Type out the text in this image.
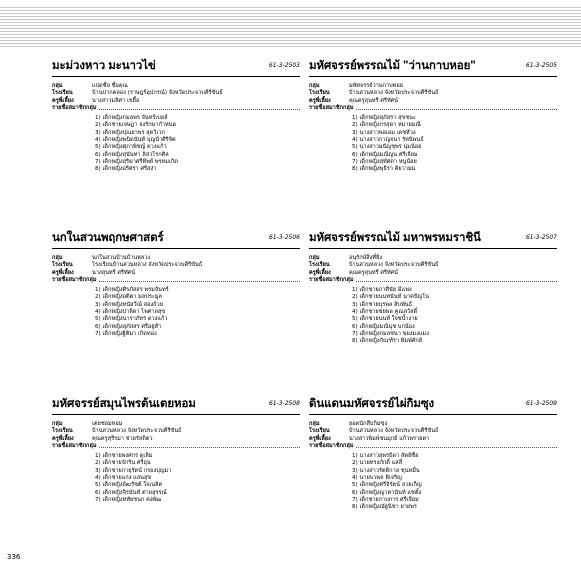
มะม่วงหาว มะนาวไข่	61-3-2503
กลุ่ม	แปดชื่อ ซื่อคุณ
โรงเรียน	บ้านปากคลอง (ราษฎร์อุปกรณ์) จังหวัดประจวบคีรีขันธ์
ครูพี่เลี้ยง	นางสาวมลิศา เชยื้อ
รายชื่อสมาชิกกลุ่ม
1) เด็กหญิงกมลพร จันทร์เบยล์
2) เด็กชายเจษฎา จงรักษากำหนด
3) เด็กหญิงปุณยาพร สุดวิเวก
4) เด็กหญิงพนิดนันท์ บุญนำศิริจิต
5) เด็กหญิงศุภาพิชญ์ ดวงแก้ว
6) เด็กหญิงสุนันทา ลิสวโรกศิล
7) เด็กหญิงสุริมาศรีทิพย์ พรหมเกิด
8) เด็กหญิงอริศรา ศรีสง่า
มหัศจรรย์พรรณไม้ "ว่านกาบหอย"	61-3-2505
กลุ่ม	มหัศจรรย์ว่านกาบหอย
โรงเรียน	บ้านสวนหลวง จังหวัดประจวบคีรีขันธ์
ครูพี่เลี้ยง	คุณครูสุนทรี ศรีทัศน์
รายชื่อสมาชิกกลุ่ม
1) เด็กหญิงสุภัสรา สุขชนะ
2) เด็กหญิงกรสุดา หมายมณี
3) นางสาวพอเอม เดชห้วง
4) นางสาวกาญจนา รัตนิพนธ์
5) นางสาวมนัญชุพร นุ่มน้อย
6) เด็กหญิงมณีญน ศรีเจียม
7) เด็กหญิงสุทัศดา หนูน้อย
8) เด็กหญิงพุธิรา คิยวามม
นกในสวนพฤกษศาสตร์	61-3-2506
กลุ่ม	นกในสวนบ้านบ้านหลวง
โรงเรียน	โรงเรียนบ้านสวนหลวง จังหวัดประจวบคีรีขันธ์
ครูพี่เลี้ยง	นางสุนทรี ศรีทัศน์
รายชื่อสมาชิกกลุ่ม
1) เด็กหญิงศิรภัสสร พรมจันทร์
2) เด็กหญิงอติตา มลประมูล
3) เด็กหญิงหนัสวีณ์ สองถ้วย
4) เด็กหญิงปาลิดา ไพศาลสุข
5) เด็กหญิงนาราภัทร ดวงแก้ว
6) เด็กหญิงสุภัสสร ศรีอยู่ท้า
7) เด็กหญิงฐิติมา เกิดทอง
มหัศจรรย์พรรณไม้ มหาพรหมราชินี	61-3-2507
กลุ่ม	อนุรักษ์สิ่งที่ยิ่ง
โรงเรียน	บ้านสวนหลวง จังหวัดประจวบคีรีขันธ์
ครูพี่เลี้ยง	คุณครูสุนทรี ศรีทัศน์
รายชื่อสมาชิกกลุ่ม
1) เด็กชายภาศินัย มีแพ่ง
2) เด็กชายนนทนันท์ นาคปัญโน
3) เด็กชายบุรพล สิบพันธ์
4) เด็กชายชยพล คูณสวัสดิ์
5) เด็กชายนนท์ ใจชน้ำงาย
6) เด็กหญิงมณีนุช บกน้อง
7) เด็กหญิงกมลชนา ขยงมงแมง
8) เด็กหญิงกัณฑ์รา พิมพ์ศักย์
มหัศจรรย์สมุนไพรต้นเตยหอม	61-3-2508
กลุ่ม	เตยช่อมหอม
โรงเรียน	บ้านสวนหลวง จังหวัดประจวบคีรีขันธ์
ครูพี่เลี้ยง	คุณครูสุรีรมา ช่วยรัสถิตว
รายชื่อสมาชิกกลุ่ม
1) เด็กชายพงศกร ดูเลิม
2) เด็กชายจักริน ศรีอุน
3) เด็กชายกายุรัตน์ กรองบุญมา
4) เด็กชายแก่ง แสนสุข
5) เด็กหญิงธัฒรัชต์ ใจเนลิต
6) เด็กหญิงจิรนันท์ ต่ายสุรรณ์
7) เด็กหญิงหทัยชนก คงพัฒ
ดินแดนมหัศจรรย์ไผ่กิมซุง	61-3-2509
กลุ่ม	ยอดนักสืบกิมซุง
โรงเรียน	บ้านสวนหลวง จังหวัดประจวบคีรีขันธ์
ครูพี่เลี้ยง	นางสาวพิมพ์ชนมุกย์ แก้วพรายตา
รายชื่อสมาชิกกลุ่ม
1) นางสาวสุพรธิดา สัตย์ซื่อ
2) นายทรงภักดิ์ แสสี่
3) นางสาวรัตติกาล ชุนหมื่น
4) นายบวพล ติเจริญ
5) เด็กหญิงศรีจิรัตน์ สวยเก็ญ
6) เด็กหญิงญาตานันท์ แซ่ตั้ง
7) เด็กชายกาบการ ศรีเจียม
8) เด็กหญิงณัฐนิชา ยายพร
336
